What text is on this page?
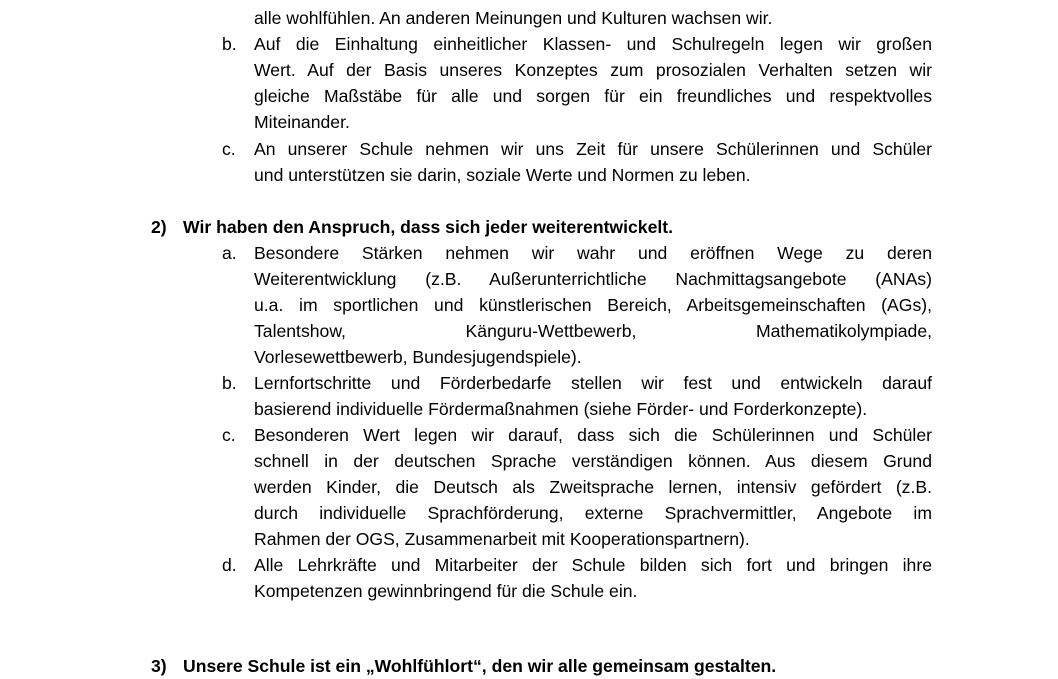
alle wohlfühlen. An anderen Meinungen und Kulturen wachsen wir.
b. Auf die Einhaltung einheitlicher Klassen- und Schulregeln legen wir großen
Wert. Auf der Basis unseres Konzeptes zum prosozialen Verhalten setzen wir
gleiche Maßstäbe für alle und sorgen für ein freundliches und respektvolles
Miteinander.
c. An unserer Schule nehmen wir uns Zeit für unsere Schülerinnen und Schüler
und unterstützen sie darin, soziale Werte und Normen zu leben.
2) Wir haben den Anspruch, dass sich jeder weiterentwickelt.
a. Besondere Stärken nehmen wir wahr und eröffnen Wege zu deren
Weiterentwicklung (z.B. Außerunterrichtliche Nachmittagsangebote (ANAs)
u.a. im sportlichen und künstlerischen Bereich, Arbeitsgemeinschaften (AGs),
Talentshow, Känguru-Wettbewerb, Mathematikolympiade,
Vorlesewettbewerb, Bundesjugendspiele).
b. Lernfortschritte und Förderbedarfe stellen wir fest und entwickeln darauf
basierend individuelle Fördermaßnahmen (siehe Förder- und Forderkonzepte).
c. Besonderen Wert legen wir darauf, dass sich die Schülerinnen und Schüler
schnell in der deutschen Sprache verständigen können. Aus diesem Grund
werden Kinder, die Deutsch als Zweitsprache lernen, intensiv gefördert (z.B.
durch individuelle Sprachförderung, externe Sprachvermittler, Angebote im
Rahmen der OGS, Zusammenarbeit mit Kooperationspartnern).
d. Alle Lehrkräfte und Mitarbeiter der Schule bilden sich fort und bringen ihre
Kompetenzen gewinnbringend für die Schule ein.
3) Unsere Schule ist ein „Wohlfühlort“, den wir alle gemeinsam gestalten.
